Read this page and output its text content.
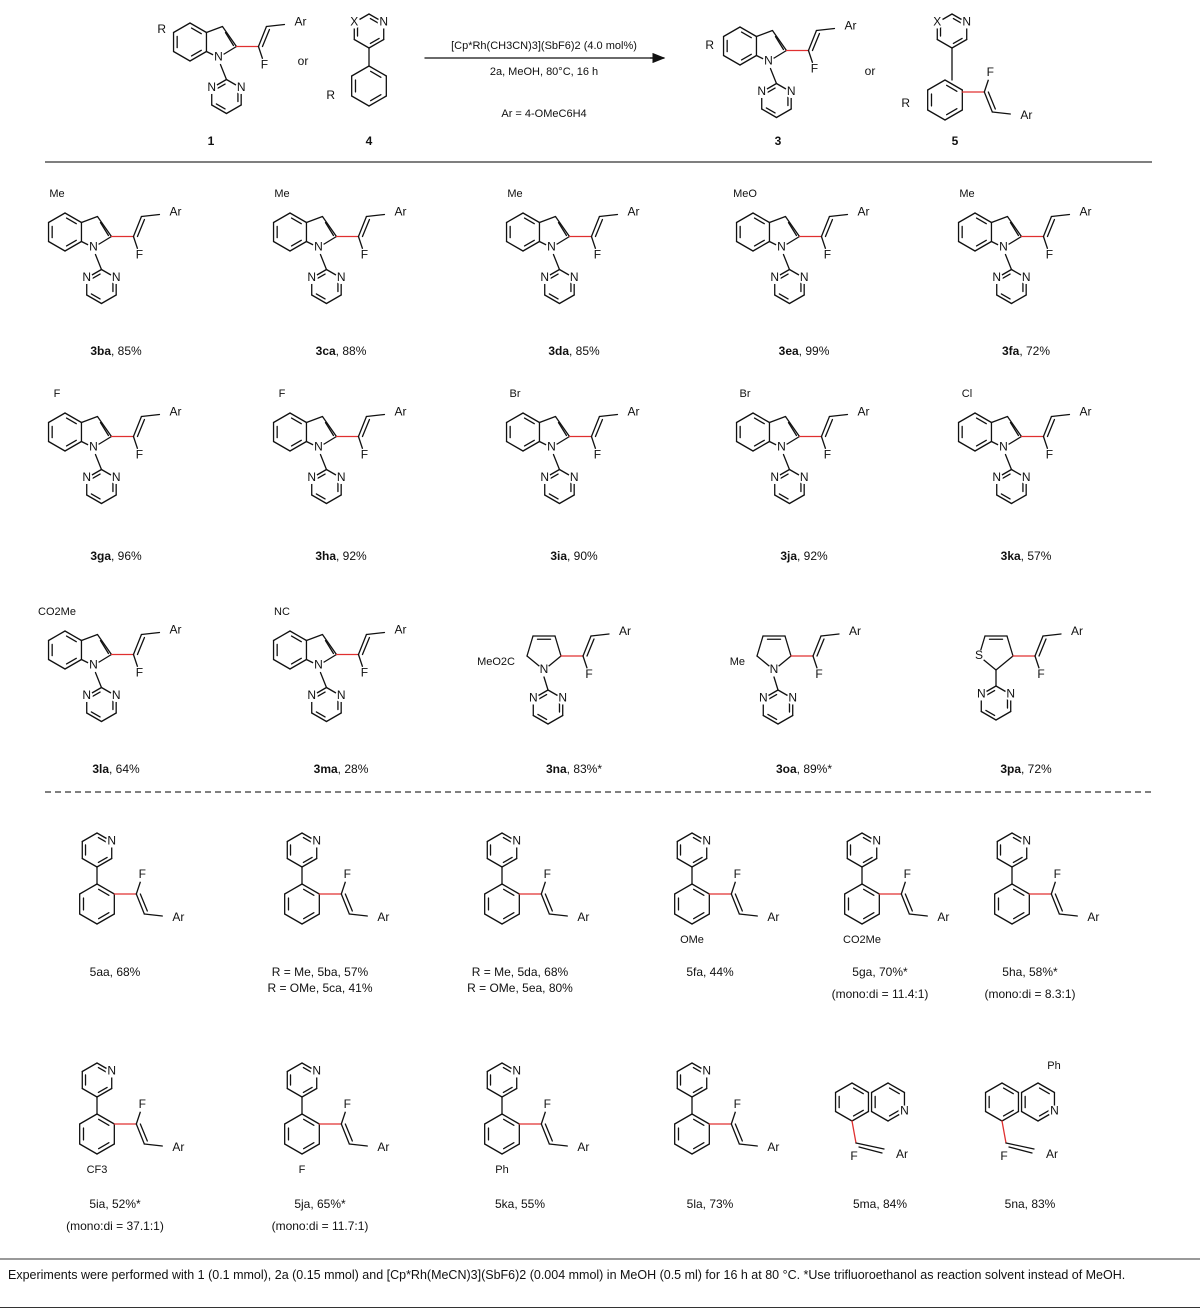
N
N
N
Ar
F
R
1
or
X N
R
4
[Cp*Rh(CH3CN)3](SbF6)2 (4.0 mol%)
2a, MeOH, 80°C, 16 h
Ar = 4-OMeC6H4
N
N
N
Ar
F
R
3
or
X N
R
Ar
F
5
N
N
N
Ar
F
Me
3ba, 85%
N
N
N
Ar
F
Me
3ca, 88%
N
N
N
Ar
F
Me
3da, 85%
N
N
N
Ar
F
MeO
3ea, 99%
N
N
N
Ar
F
Me
3fa, 72%
N
N
N
Ar
F
F
3ga, 96%
N
N
N
Ar
F
F
3ha, 92%
N
N
N
Ar
F
Br
3ia, 90%
N
N
N
Ar
F
Br
3ja, 92%
N
N
N
Ar
F
Cl
3ka, 57%
N
N
N
Ar
F
CO2Me
3la, 64%
N
N
N
Ar
F
NC
3ma, 28%
N
N
N
MeO2C
Ar
F
3na, 83%*
N
N
N
Me
Ar
F
3oa, 89%*
S
N
N
Ar
F
3pa, 72%
N
Ar
F
5aa, 68%
N
Ar
F
R = Me, 5ba, 57%
R = OMe, 5ca, 41%
N
Ar
F
R = Me, 5da, 68%
R = OMe, 5ea, 80%
N
Ar
F
OMe
5fa, 44%
N
Ar
F
CO2Me
5ga, 70%*
(mono:di = 11.4:1)
N
Ar
F
5ha, 58%*
(mono:di = 8.3:1)
N
Ar
F
CF3
5ia, 52%*
(mono:di = 37.1:1)
N
Ar
F
F
5ja, 65%*
(mono:di = 11.7:1)
N
Ar
F
Ph
5ka, 55%
N
Ar
F
5la, 73%
N
F	Ar
5ma, 84%
N
F	Ar
Ph
5na, 83%
Experiments were performed with 1 (0.1 mmol), 2a (0.15 mmol) and [Cp*Rh(MeCN)3](SbF6)2 (0.004 mmol) in MeOH (0.5 ml) for 16 h at 80 °C. *Use trifluoroethanol as reaction solvent instead of MeOH.
